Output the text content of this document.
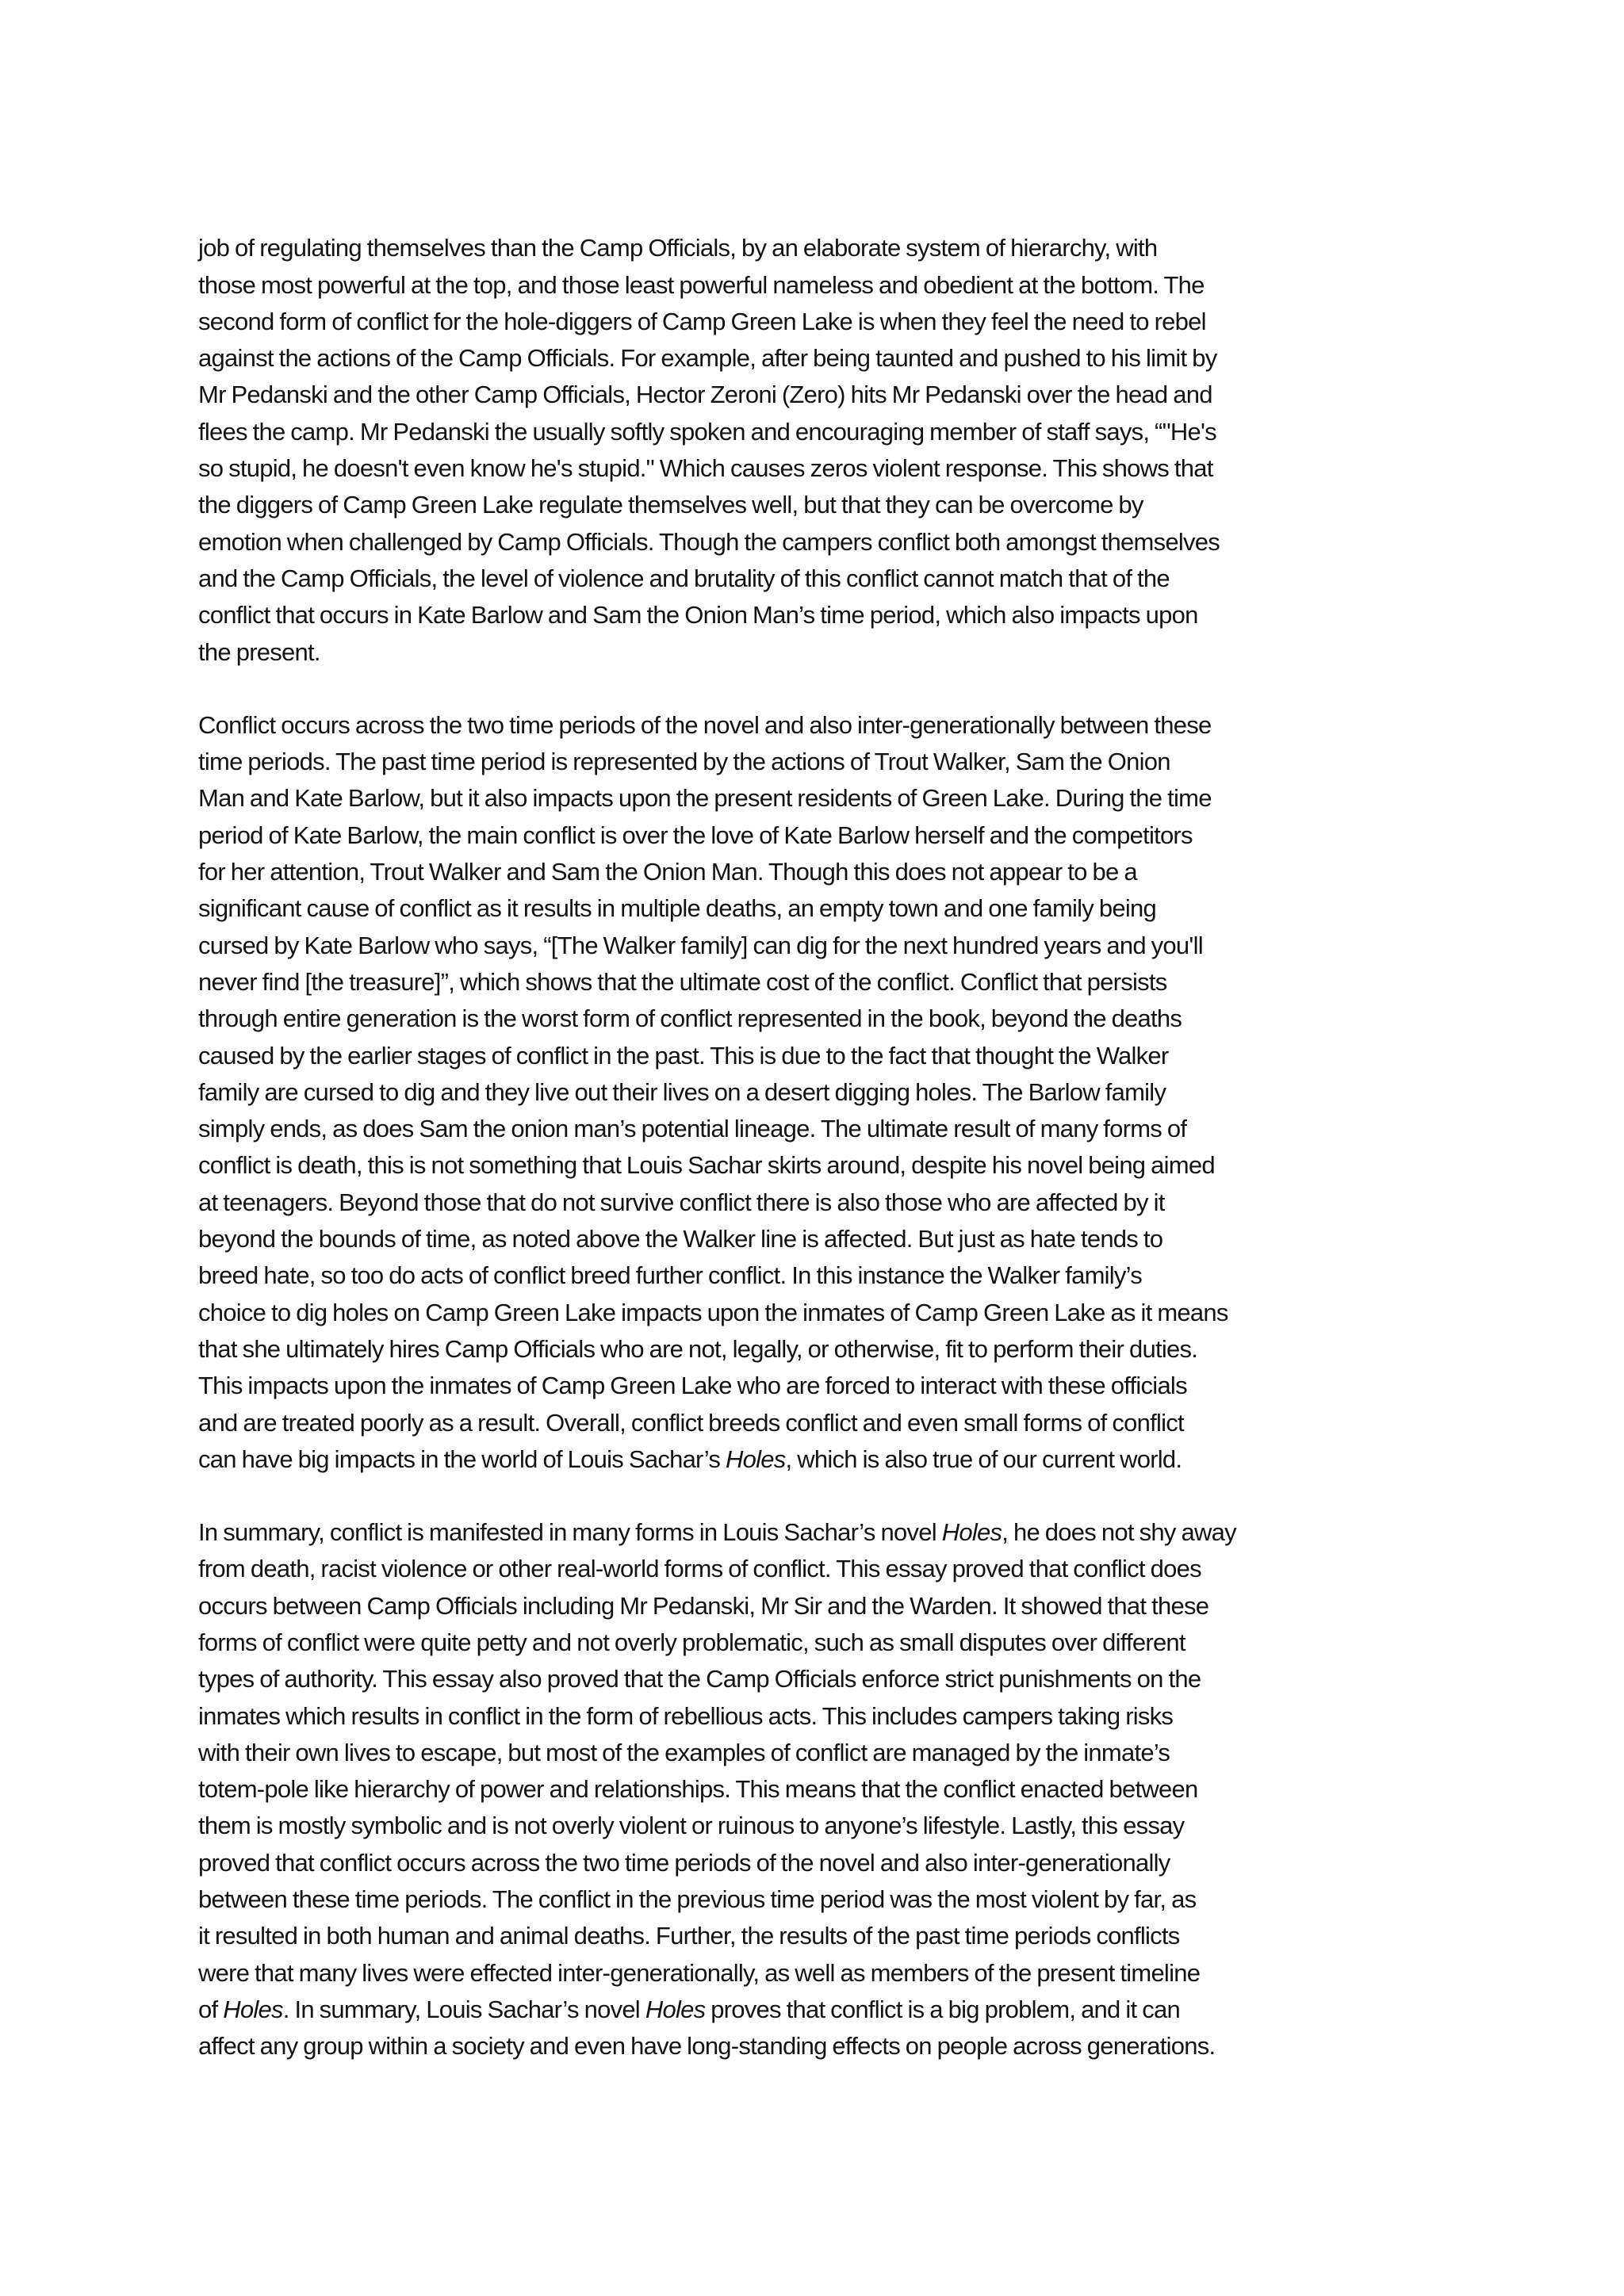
job of regulating themselves than the Camp Officials, by an elaborate system of hierarchy, with
those most powerful at the top, and those least powerful nameless and obedient at the bottom. The
second form of conflict for the hole-diggers of Camp Green Lake is when they feel the need to rebel
against the actions of the Camp Officials. For example, after being taunted and pushed to his limit by
Mr Pedanski and the other Camp Officials, Hector Zeroni (Zero) hits Mr Pedanski over the head and
flees the camp. Mr Pedanski the usually softly spoken and encouraging member of staff says, “"He's
so stupid, he doesn't even know he's stupid." Which causes zeros violent response. This shows that
the diggers of Camp Green Lake regulate themselves well, but that they can be overcome by
emotion when challenged by Camp Officials. Though the campers conflict both amongst themselves
and the Camp Officials, the level of violence and brutality of this conflict cannot match that of the
conflict that occurs in Kate Barlow and Sam the Onion Man’s time period, which also impacts upon
the present.

Conflict occurs across the two time periods of the novel and also inter-generationally between these
time periods. The past time period is represented by the actions of Trout Walker, Sam the Onion
Man and Kate Barlow, but it also impacts upon the present residents of Green Lake. During the time
period of Kate Barlow, the main conflict is over the love of Kate Barlow herself and the competitors
for her attention, Trout Walker and Sam the Onion Man. Though this does not appear to be a
significant cause of conflict as it results in multiple deaths, an empty town and one family being
cursed by Kate Barlow who says, “[The Walker family] can dig for the next hundred years and you'll
never find [the treasure]”, which shows that the ultimate cost of the conflict. Conflict that persists
through entire generation is the worst form of conflict represented in the book, beyond the deaths
caused by the earlier stages of conflict in the past. This is due to the fact that thought the Walker
family are cursed to dig and they live out their lives on a desert digging holes. The Barlow family
simply ends, as does Sam the onion man’s potential lineage. The ultimate result of many forms of
conflict is death, this is not something that Louis Sachar skirts around, despite his novel being aimed
at teenagers. Beyond those that do not survive conflict there is also those who are affected by it
beyond the bounds of time, as noted above the Walker line is affected. But just as hate tends to
breed hate, so too do acts of conflict breed further conflict. In this instance the Walker family’s
choice to dig holes on Camp Green Lake impacts upon the inmates of Camp Green Lake as it means
that she ultimately hires Camp Officials who are not, legally, or otherwise, fit to perform their duties.
This impacts upon the inmates of Camp Green Lake who are forced to interact with these officials
and are treated poorly as a result. Overall, conflict breeds conflict and even small forms of conflict
can have big impacts in the world of Louis Sachar’s Holes, which is also true of our current world.

In summary, conflict is manifested in many forms in Louis Sachar’s novel Holes, he does not shy away
from death, racist violence or other real-world forms of conflict. This essay proved that conflict does
occurs between Camp Officials including Mr Pedanski, Mr Sir and the Warden. It showed that these
forms of conflict were quite petty and not overly problematic, such as small disputes over different
types of authority. This essay also proved that the Camp Officials enforce strict punishments on the
inmates which results in conflict in the form of rebellious acts. This includes campers taking risks
with their own lives to escape, but most of the examples of conflict are managed by the inmate’s
totem-pole like hierarchy of power and relationships. This means that the conflict enacted between
them is mostly symbolic and is not overly violent or ruinous to anyone’s lifestyle. Lastly, this essay
proved that conflict occurs across the two time periods of the novel and also inter-generationally
between these time periods. The conflict in the previous time period was the most violent by far, as
it resulted in both human and animal deaths. Further, the results of the past time periods conflicts
were that many lives were effected inter-generationally, as well as members of the present timeline
of Holes. In summary, Louis Sachar’s novel Holes proves that conflict is a big problem, and it can
affect any group within a society and even have long-standing effects on people across generations.
